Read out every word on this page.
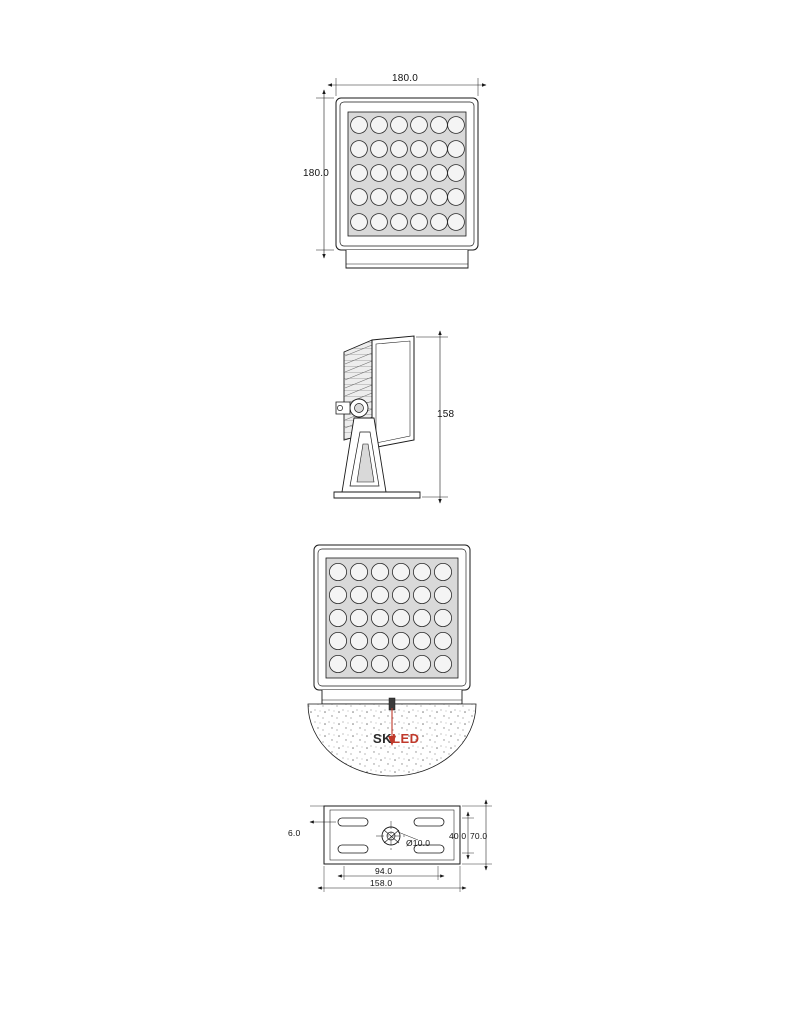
180.0
180.0
158
6.0
Ø10.0
40.0 70.0
94.0
158.0
SKLED
